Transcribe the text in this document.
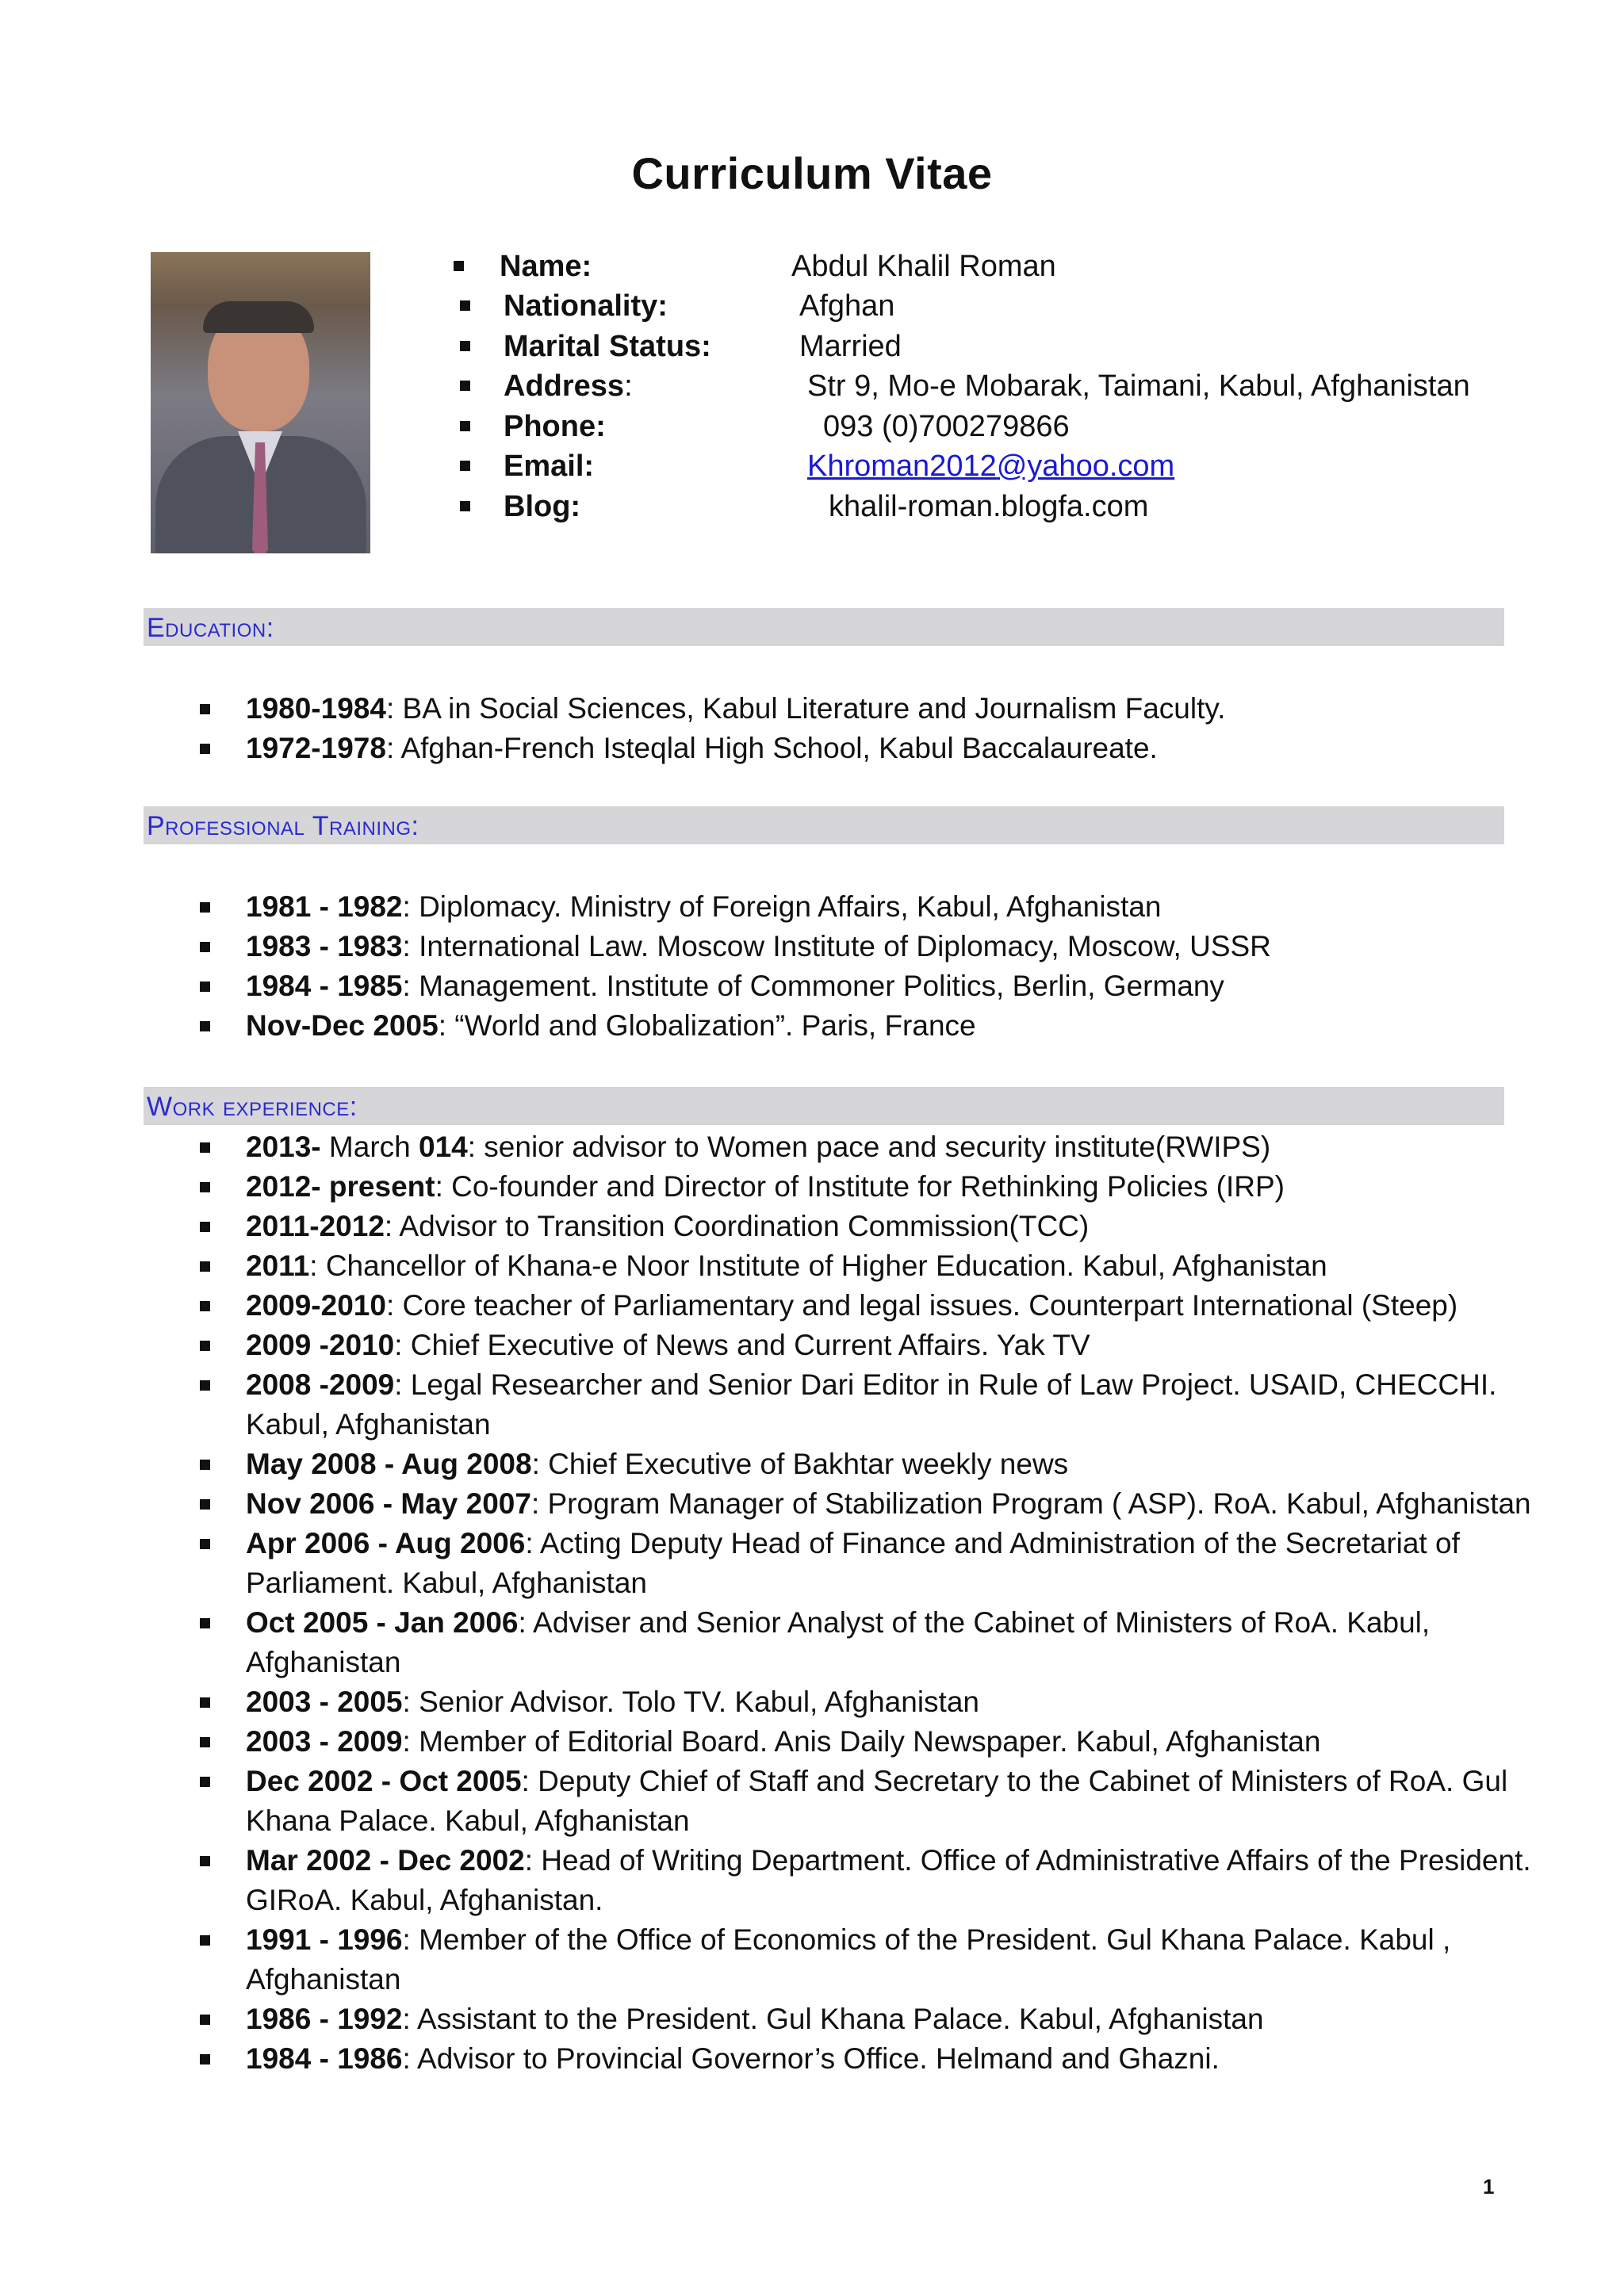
Curriculum Vitae
Name:	Abdul Khalil Roman
Nationality:	Afghan
Marital Status:	Married
Address:	Str 9, Mo-e Mobarak, Taimani, Kabul, Afghanistan
Phone:	093 (0)700279866
Email:	Khroman2012@yahoo.com
Blog:	khalil-roman.blogfa.com
Education:
1980-1984: BA in Social Sciences, Kabul Literature and Journalism Faculty.
1972-1978: Afghan-French Isteqlal High School, Kabul Baccalaureate.
Professional Training:
1981 - 1982: Diplomacy. Ministry of Foreign Affairs, Kabul, Afghanistan
1983 - 1983: International Law. Moscow Institute of Diplomacy, Moscow, USSR
1984 - 1985: Management. Institute of Commoner Politics, Berlin, Germany
Nov-Dec 2005: “World and Globalization”. Paris, France
Work experience:
2013- March 014: senior advisor to Women pace and security institute(RWIPS)
2012- present: Co-founder and Director of Institute for Rethinking Policies (IRP)
2011-2012: Advisor to Transition Coordination Commission(TCC)
2011: Chancellor of Khana-e Noor Institute of Higher Education. Kabul, Afghanistan
2009-2010: Core teacher of Parliamentary and legal issues. Counterpart International (Steep)
2009 -2010: Chief Executive of News and Current Affairs. Yak TV
2008 -2009: Legal Researcher and Senior Dari Editor in Rule of Law Project. USAID, CHECCHI. Kabul, Afghanistan
May 2008 - Aug 2008: Chief Executive of Bakhtar weekly news
Nov 2006 - May 2007: Program Manager of Stabilization Program ( ASP). RoA. Kabul, Afghanistan
Apr 2006 - Aug 2006: Acting Deputy Head of Finance and Administration of the Secretariat of Parliament. Kabul, Afghanistan
Oct 2005 - Jan 2006: Adviser and Senior Analyst of the Cabinet of Ministers of RoA. Kabul, Afghanistan
2003 - 2005: Senior Advisor. Tolo TV. Kabul, Afghanistan
2003 - 2009: Member of Editorial Board. Anis Daily Newspaper. Kabul, Afghanistan
Dec 2002 - Oct 2005: Deputy Chief of Staff and Secretary to the Cabinet of Ministers of RoA. Gul Khana Palace. Kabul, Afghanistan
Mar 2002 - Dec 2002: Head of Writing Department. Office of Administrative Affairs of the President. GIRoA. Kabul, Afghanistan.
1991 - 1996: Member of the Office of Economics of the President. Gul Khana Palace. Kabul , Afghanistan
1986 - 1992: Assistant to the President. Gul Khana Palace. Kabul, Afghanistan
1984 - 1986: Advisor to Provincial Governor’s Office. Helmand and Ghazni.
1
